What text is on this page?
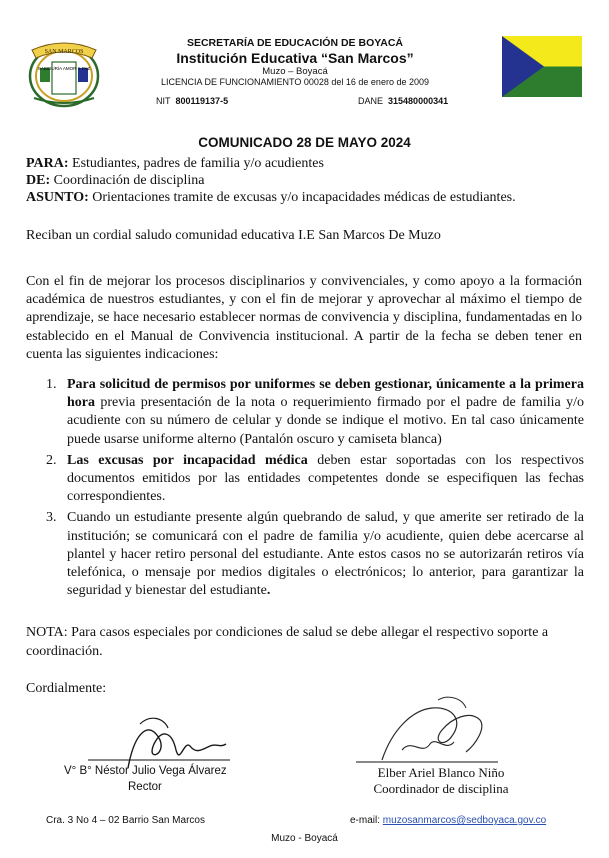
SAN MARCOS
SABIDURÍA AMOR Y PAZ
SECRETARÍA DE EDUCACIÓN DE BOYACÁ
Institución Educativa “San Marcos”
Muzo – Boyacá
LICENCIA DE FUNCIONAMIENTO 00028 del 16 de enero de 2009
NIT 800119137-5	DANE 315480000341
COMUNICADO 28 DE MAYO 2024
PARA: Estudiantes, padres de familia y/o acudientes
DE: Coordinación de disciplina
ASUNTO: Orientaciones tramite de excusas y/o incapacidades médicas de estudiantes.
Reciban un cordial saludo comunidad educativa I.E San Marcos De Muzo
Con el fin de mejorar los procesos disciplinarios y convivenciales, y como apoyo a la formación académica de nuestros estudiantes, y con el fin de mejorar y aprovechar al máximo el tiempo de aprendizaje, se hace necesario establecer normas de convivencia y disciplina, fundamentadas en lo establecido en el Manual de Convivencia institucional. A partir de la fecha se deben tener en cuenta las siguientes indicaciones:
1. Para solicitud de permisos por uniformes se deben gestionar, únicamente a la primera hora previa presentación de la nota o requerimiento firmado por el padre de familia y/o acudiente con su número de celular y donde se indique el motivo. En tal caso únicamente puede usarse uniforme alterno (Pantalón oscuro y camiseta blanca)
2. Las excusas por incapacidad médica deben estar soportadas con los respectivos documentos emitidos por las entidades competentes donde se especifiquen las fechas correspondientes.
3. Cuando un estudiante presente algún quebrando de salud, y que amerite ser retirado de la institución; se comunicará con el padre de familia y/o acudiente, quien debe acercarse al plantel y hacer retiro personal del estudiante. Ante estos casos no se autorizarán retiros vía telefónica, o mensaje por medios digitales o electrónicos; lo anterior, para garantizar la seguridad y bienestar del estudiante.
NOTA: Para casos especiales por condiciones de salud se debe allegar el respectivo soporte a coordinación.
Cordialmente:
V° B° Néstor Julio Vega Álvarez
Rector
Elber Ariel Blanco Niño
Coordinador de disciplina
Cra. 3 No 4 – 02 Barrio San Marcos	e-mail: muzosanmarcos@sedboyaca.gov.co
Muzo - Boyacá
